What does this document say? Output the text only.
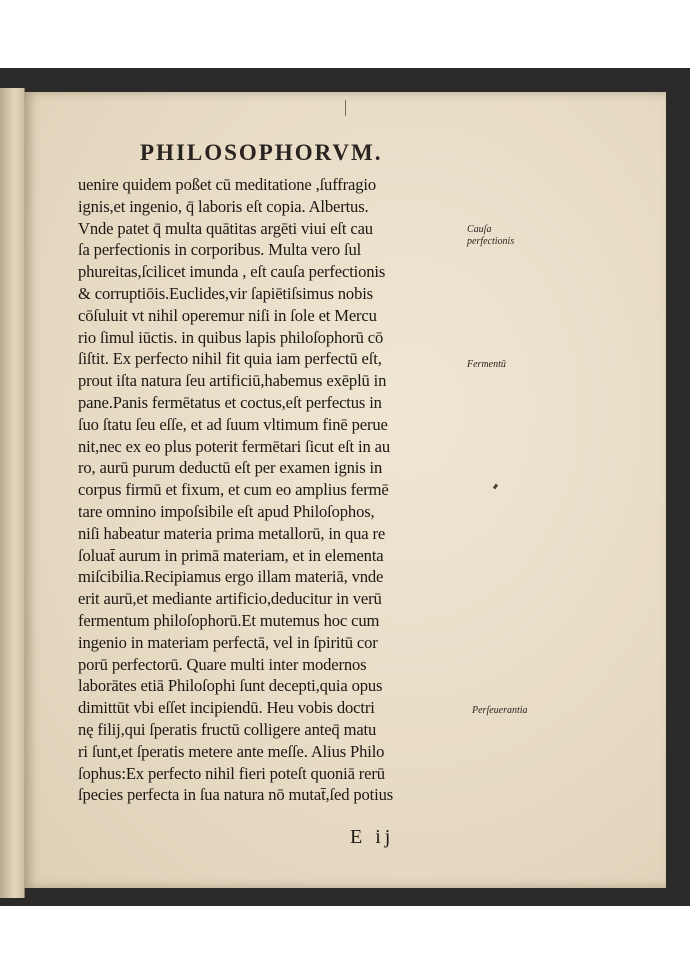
PHILOSOPHORVM.
uenire quidem poßet cū meditatione ,ſuffragio
ignis,et ingenio, q̄ laboris eſt copia. Albertus.
Vnde patet q̄ multa quātitas argēti viui eſt cau
ſa perfectionis in corporibus. Multa vero ſul
phureitas,ſcilicet imunda , eſt cauſa perfectionis
& corruptiōis.Euclides,vir ſapiētiſsimus nobis
cōſuluit vt nihil operemur niſi in ſole et Mercu
rio ſimul iūctis. in quibus lapis philoſophorū cō
ſiſtit. Ex perfecto nihil fit quia iam perfectū eſt,
prout iſta natura ſeu artificiū,habemus exēplū in
pane.Panis fermētatus et coctus,eſt perfectus in
ſuo ſtatu ſeu eſſe, et ad ſuum vltimum finē perue
nit,nec ex eo plus poterit fermētari ſicut eſt in au
ro, aurū purum deductū eſt per examen ignis in
corpus firmū et fixum, et cum eo amplius fermē
tare omnino impoſsibile eſt apud Philoſophos,
niſi habeatur materia prima metallorū, in qua re
ſoluat̄ aurum in primā materiam, et in elementa
miſcibilia.Recipiamus ergo illam materiā, vnde
erit aurū,et mediante artificio,deducitur in verū
fermentum philoſophorū.Et mutemus hoc cum
ingenio in materiam perfectā, vel in ſpiritū cor
porū perfectorū. Quare multi inter modernos
laborātes etiā Philoſophi ſunt decepti,quia opus
dimittūt vbi eſſet incipiendū. Heu vobis doctri
nę filij,qui ſperatis fructū colligere anteq̄ matu
ri ſunt,et ſperatis metere ante meſſe. Alius Philo
ſophus:Ex perfecto nihil fieri poteſt quoniā rerū
ſpecies perfecta in ſua natura nō mutat̄,ſed potius

Cauſa perfectionis

Fermentū

Perſeuerantia

E ij
